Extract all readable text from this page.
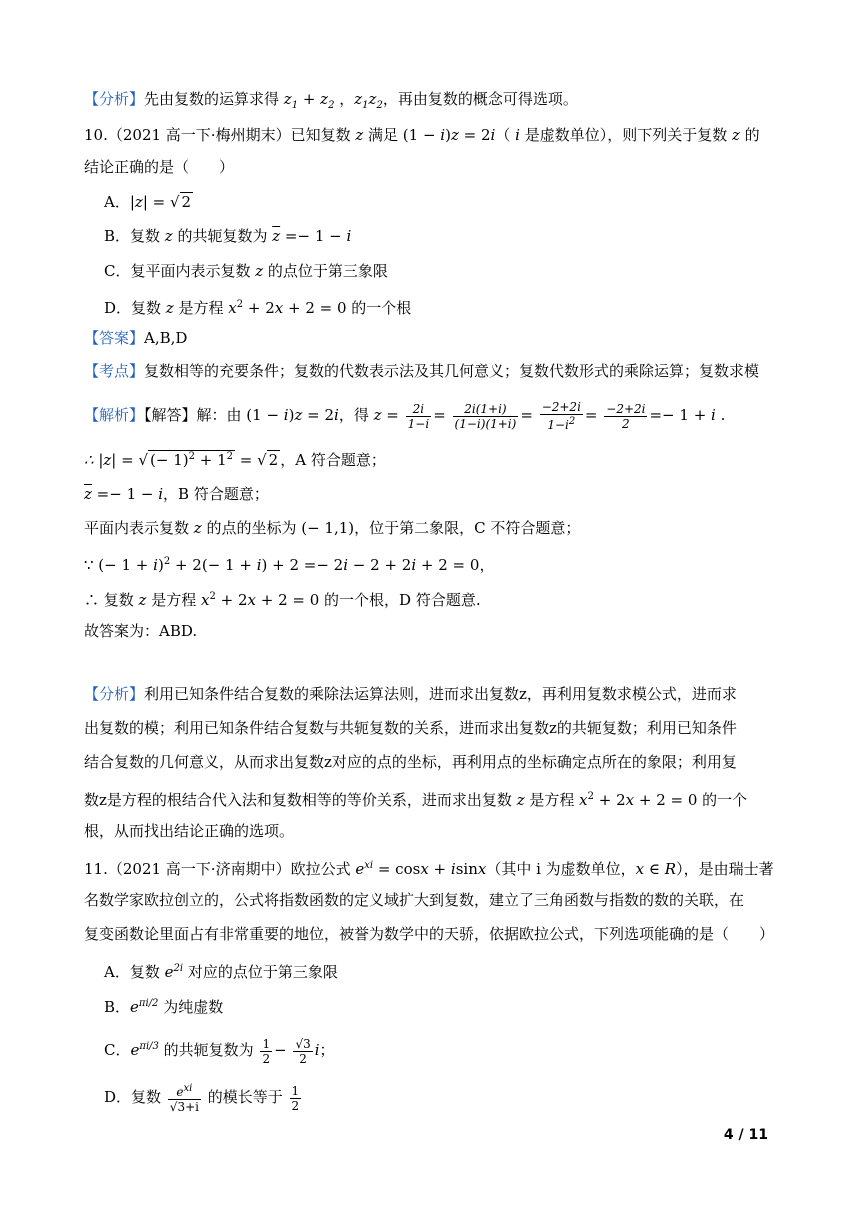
【分析】先由复数的运算求得 $z_1 + z_2$ ，$z_1z_2$，再由复数的概念可得选项。
10.（2021 高一下·梅州期末）已知复数 z 满足 (1 − i)z = 2i（ i 是虚数单位），则下列关于复数 z 的
结论正确的是（　　）
A．|z| = √ 2
B．复数 z 的共轭复数为 $\overline{z} =- 1 - i$
C．复平面内表示复数 z 的点位于第三象限
D．复数 z 是方程 $x^2 + 2x + 2 = 0$ 的一个根
【答案】A,B,D
【考点】复数相等的充要条件；复数的代数表示法及其几何意义；复数代数形式的乘除运算；复数求模
【解析】【解答】解：由 (1 − i)z = 2i，得 $z = \frac{2i}{1-i} = \frac{2i(1+i)}{(1-i)(1+i)} = \frac{-2+2i}{1-i^2} = \frac{-2+2i}{2} =- 1 + i$ .
∴ |z| = √ (− $1)^2 + 1^2$ = √ 2 ，A 符合题意；
$\overline{z} =- 1 - i$，B 符合题意；
平面内表示复数 z 的点的坐标为 (− 1,1)，位于第二象限，C 不符合题意；
∵ (− 1 + i)$^2$ + 2(− 1 + i) + 2 =− 2i − 2 + 2i + 2 = 0，
∴ 复数 z 是方程 $x^2 + 2x + 2 = 0$ 的一个根，D 符合题意.
故答案为：ABD.
【分析】利用已知条件结合复数的乘除法运算法则，进而求出复数z，再利用复数求模公式，进而求
出复数的模；利用已知条件结合复数与共轭复数的关系，进而求出复数z的共轭复数；利用已知条件
结合复数的几何意义，从而求出复数z对应的点的坐标，再利用点的坐标确定点所在的象限；利用复
数z是方程的根结合代入法和复数相等的等价关系，进而求出复数 z 是方程 $x^2 + 2x + 2 = 0$ 的一个
根，从而找出结论正确的选项。
11.（2021 高一下·济南期中）欧拉公式 $e^{xi} = \cos x + isinx$（其中 i 为虚数单位，x ∈ R），是由瑞士著
名数学家欧拉创立的，公式将指数函数的定义域扩大到复数，建立了三角函数与指数的数的关联，在
复变函数论里面占有非常重要的地位，被誉为数学中的天骄，依据欧拉公式，下列选项能确的是（　　）
A．复数 $e^{2i}$ 对应的点位于第三象限
B．$e^{\pi i/2}$ 为纯虚数
C．$e^{\pi i/3}$ 的共轭复数为 $\frac{1}{2} - \frac{√3}{2}$ i；
D．复数 $\frac{e^{xi}}{√3+i}$ 的模长等于 $\frac{1}{2}$
4 / 11
